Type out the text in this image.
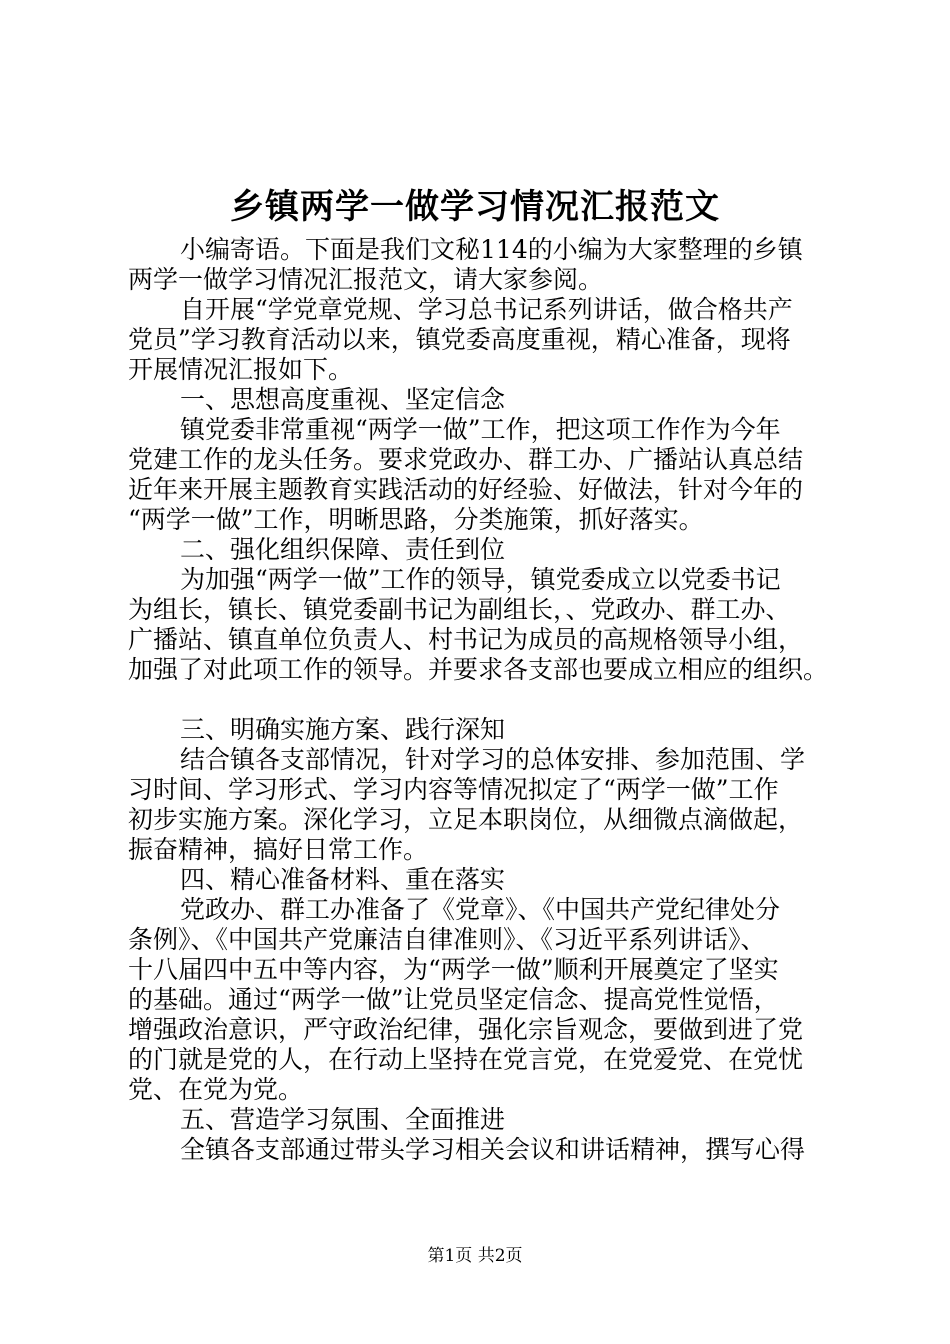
乡镇两学一做学习情况汇报范文
小编寄语。下面是我们文秘114的小编为大家整理的乡镇
两学一做学习情况汇报范文，请大家参阅。
自开展“学党章党规、学习总书记系列讲话，做合格共产
党员”学习教育活动以来，镇党委高度重视，精心准备，现将
开展情况汇报如下。
一、思想高度重视、坚定信念
镇党委非常重视“两学一做”工作，把这项工作作为今年
党建工作的龙头任务。要求党政办、群工办、广播站认真总结
近年来开展主题教育实践活动的好经验、好做法，针对今年的
“两学一做”工作，明晰思路，分类施策，抓好落实。
二、强化组织保障、责任到位
为加强“两学一做”工作的领导，镇党委成立以党委书记
为组长，镇长、镇党委副书记为副组长，、党政办、群工办、
广播站、镇直单位负责人、村书记为成员的高规格领导小组，
加强了对此项工作的领导。并要求各支部也要成立相应的组织。
三、明确实施方案、践行深知
结合镇各支部情况，针对学习的总体安排、参加范围、学
习时间、学习形式、学习内容等情况拟定了“两学一做”工作
初步实施方案。深化学习，立足本职岗位，从细微点滴做起，
振奋精神，搞好日常工作。
四、精心准备材料、重在落实
党政办、群工办准备了《党章》、《中国共产党纪律处分
条例》、《中国共产党廉洁自律准则》、《习近平系列讲话》、
十八届四中五中等内容，为“两学一做”顺利开展奠定了坚实
的基础。通过“两学一做”让党员坚定信念、提高党性觉悟，
增强政治意识，严守政治纪律，强化宗旨观念，要做到进了党
的门就是党的人，在行动上坚持在党言党，在党爱党、在党忧
党、在党为党。
五、营造学习氛围、全面推进
全镇各支部通过带头学习相关会议和讲话精神，撰写心得
第1页 共2页
